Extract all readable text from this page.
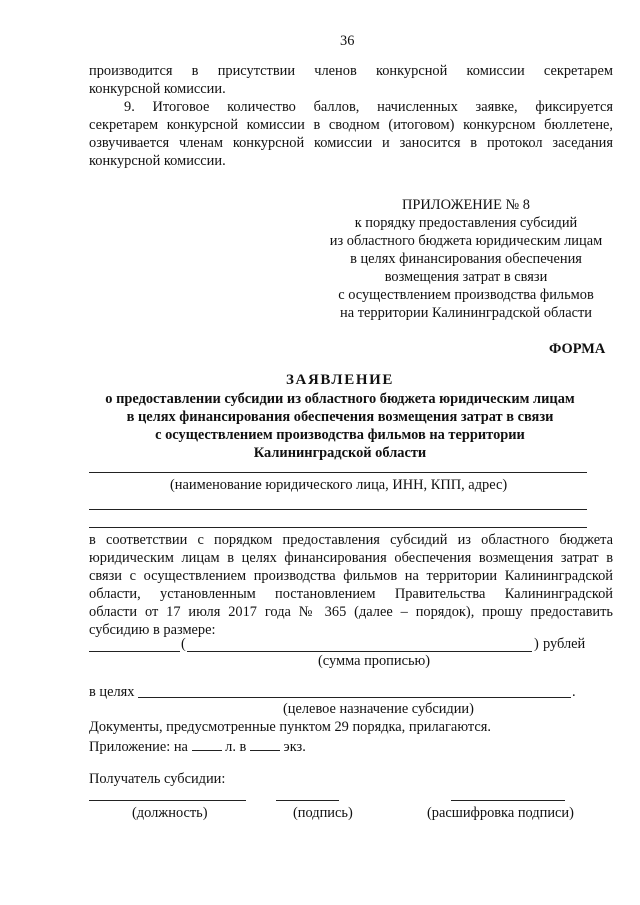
36
производится в присутствии членов конкурсной комиссии секретарем
конкурсной комиссии.
9. Итоговое количество баллов, начисленных заявке, фиксируется
секретарем конкурсной комиссии в сводном (итоговом) конкурсном бюллетене,
озвучивается членам конкурсной комиссии и заносится в протокол заседания
конкурсной комиссии.
ПРИЛОЖЕНИЕ № 8
к порядку предоставления субсидий
из областного бюджета юридическим лицам
в целях финансирования обеспечения
возмещения затрат в связи
с осуществлением производства фильмов
на территории Калининградской области
ФОРМА
ЗАЯВЛЕНИЕ
о предоставлении субсидии из областного бюджета юридическим лицам
в целях финансирования обеспечения возмещения затрат в связи
с осуществлением производства фильмов на территории
Калининградской области
(наименование юридического лица, ИНН, КПП, адрес)
в соответствии с порядком предоставления субсидий из областного бюджета
юридическим лицам в целях финансирования обеспечения возмещения затрат в
связи с осуществлением производства фильмов на территории Калининградской
области, установленным постановлением Правительства Калининградской
области от 17 июля 2017 года № 365 (далее – порядок), прошу предоставить
субсидию в размере:
(	) рублей
(сумма прописью)
в целях	.
(целевое назначение субсидии)
Документы, предусмотренные пунктом 29 порядка, прилагаются.
Приложение: на	л. в	экз.
Получатель субсидии:
(должность)	(подпись)	(расшифровка подписи)
